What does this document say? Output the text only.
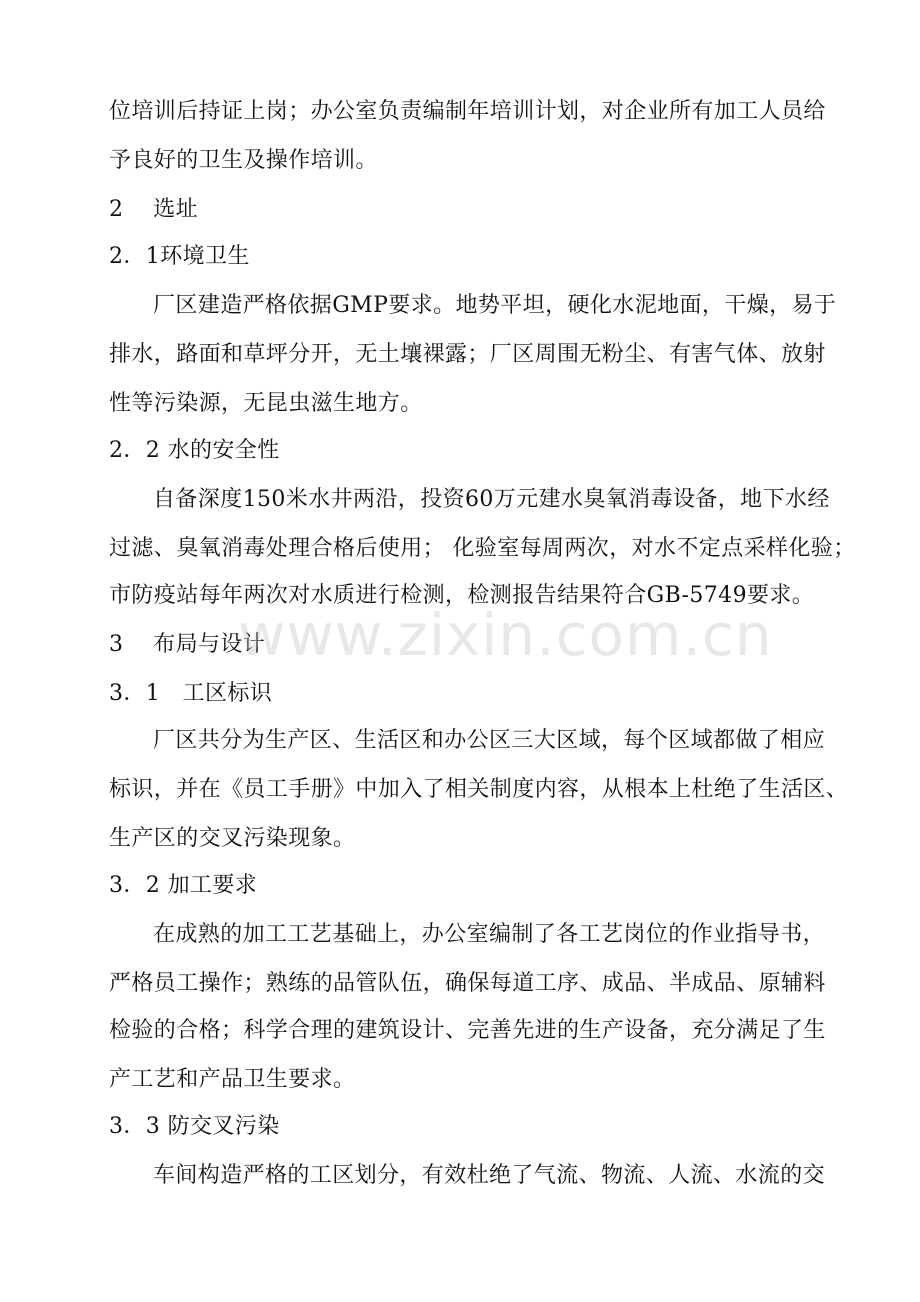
位培训后持证上岗；办公室负责编制年培训计划，对企业所有加工人员给
予良好的卫生及操作培训。
2　 选址
2．1环境卫生
厂区建造严格依据GMP要求。地势平坦，硬化水泥地面，干燥，易于
排水，路面和草坪分开，无土壤裸露；厂区周围无粉尘、有害气体、放射
性等污染源，无昆虫滋生地方。
2．2 水的安全性
自备深度150米水井两沿，投资60万元建水臭氧消毒设备，地下水经
过滤、臭氧消毒处理合格后使用； 化验室每周两次，对水不定点采样化验；
市防疫站每年两次对水质进行检测，检测报告结果符合GB-5749要求。
3　 布局与设计
3．1　工区标识
厂区共分为生产区、生活区和办公区三大区域，每个区域都做了相应
标识，并在《员工手册》中加入了相关制度内容，从根本上杜绝了生活区、
生产区的交叉污染现象。
3．2 加工要求
在成熟的加工工艺基础上，办公室编制了各工艺岗位的作业指导书，
严格员工操作；熟练的品管队伍，确保每道工序、成品、半成品、原辅料
检验的合格；科学合理的建筑设计、完善先进的生产设备，充分满足了生
产工艺和产品卫生要求。
3．3 防交叉污染
车间构造严格的工区划分，有效杜绝了气流、物流、人流、水流的交
www.zixin.com.cn
